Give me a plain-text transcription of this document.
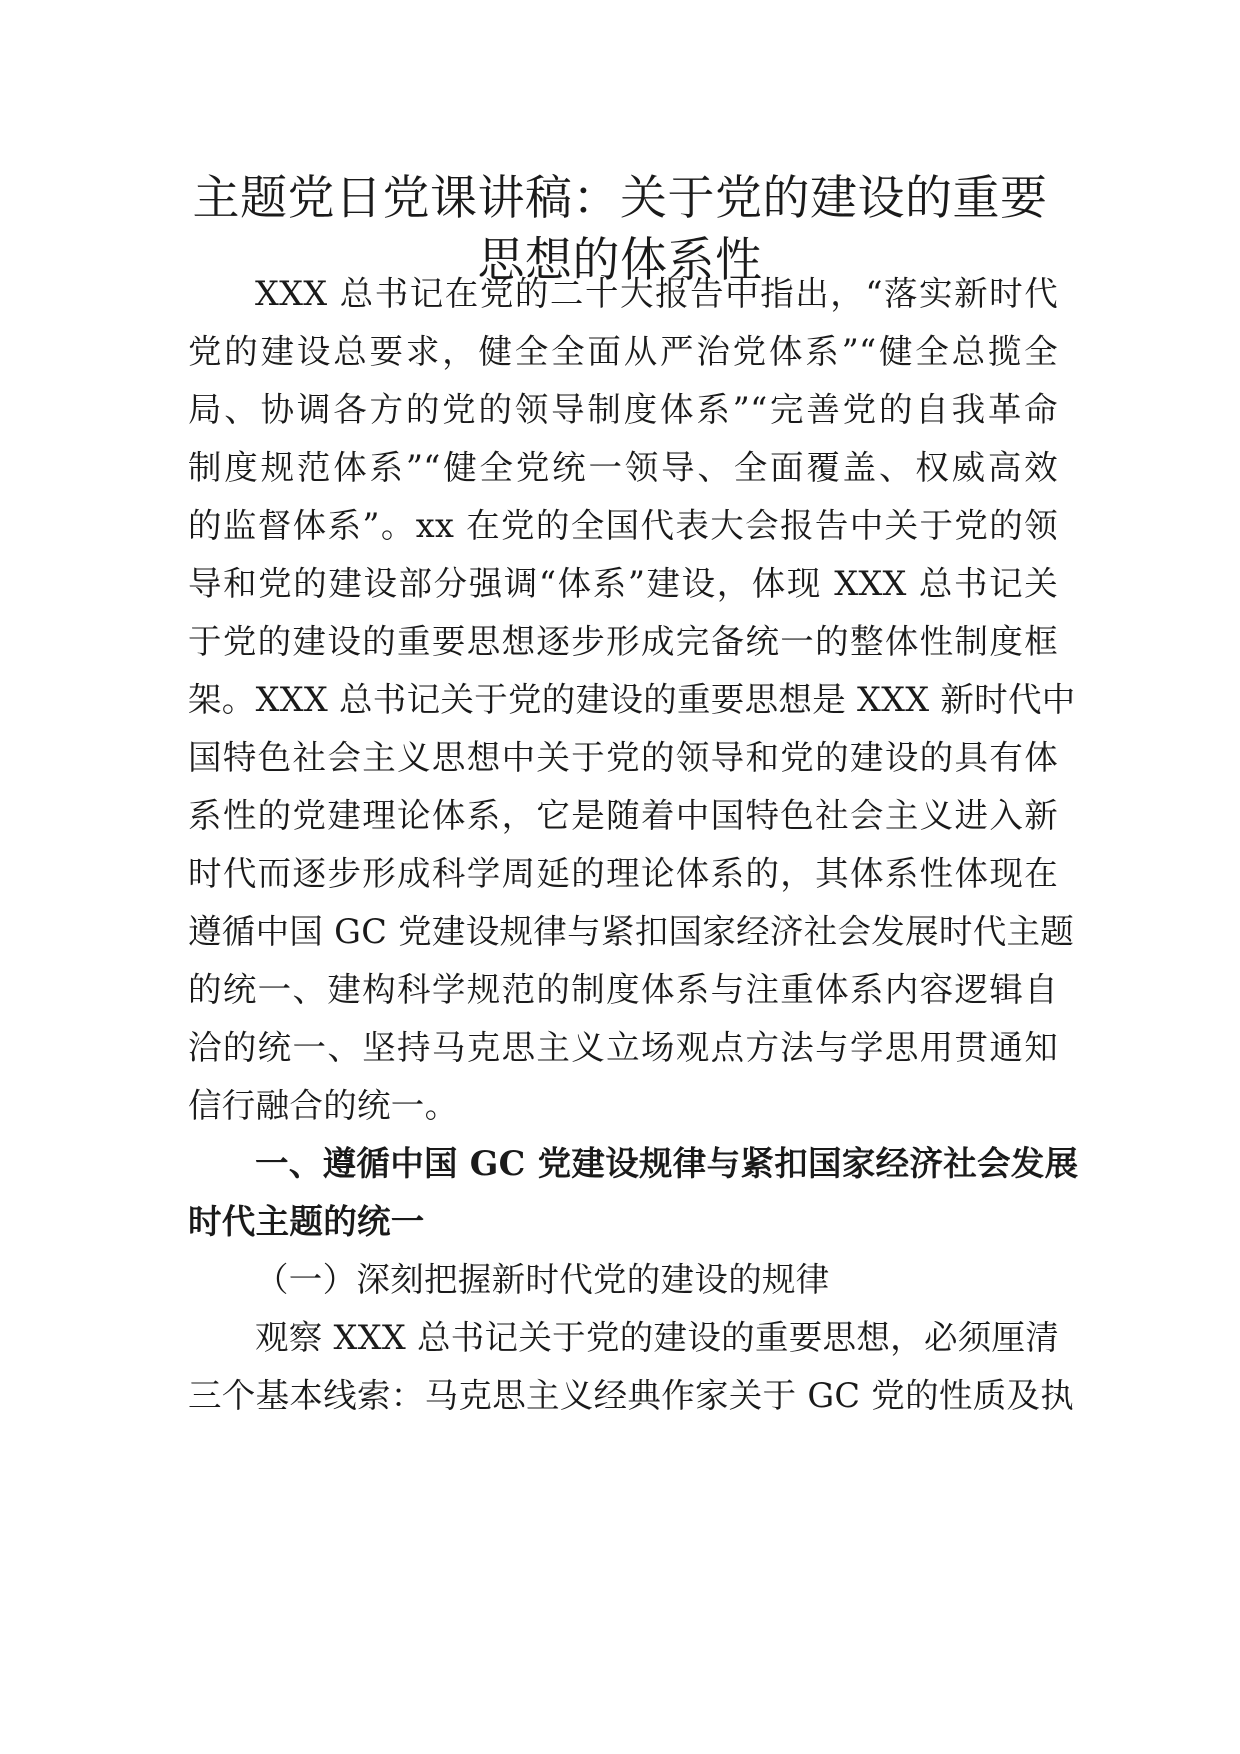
主题党日党课讲稿：关于党的建设的重要
思想的体系性
XXX 总书记在党的二十大报告中指出，“落实新时代
党的建设总要求，健全全面从严治党体系”“健全总揽全
局、协调各方的党的领导制度体系”“完善党的自我革命
制度规范体系”“健全党统一领导、全面覆盖、权威高效
的监督体系”。xx 在党的全国代表大会报告中关于党的领
导和党的建设部分强调“体系”建设，体现 XXX 总书记关
于党的建设的重要思想逐步形成完备统一的整体性制度框
架。XXX 总书记关于党的建设的重要思想是 XXX 新时代中
国特色社会主义思想中关于党的领导和党的建设的具有体
系性的党建理论体系，它是随着中国特色社会主义进入新
时代而逐步形成科学周延的理论体系的，其体系性体现在
遵循中国 GC 党建设规律与紧扣国家经济社会发展时代主题
的统一、建构科学规范的制度体系与注重体系内容逻辑自
洽的统一、坚持马克思主义立场观点方法与学思用贯通知
信行融合的统一。
一、遵循中国 GC 党建设规律与紧扣国家经济社会发展
时代主题的统一
（一）深刻把握新时代党的建设的规律
观察 XXX 总书记关于党的建设的重要思想，必须厘清
三个基本线索：马克思主义经典作家关于 GC 党的性质及执
